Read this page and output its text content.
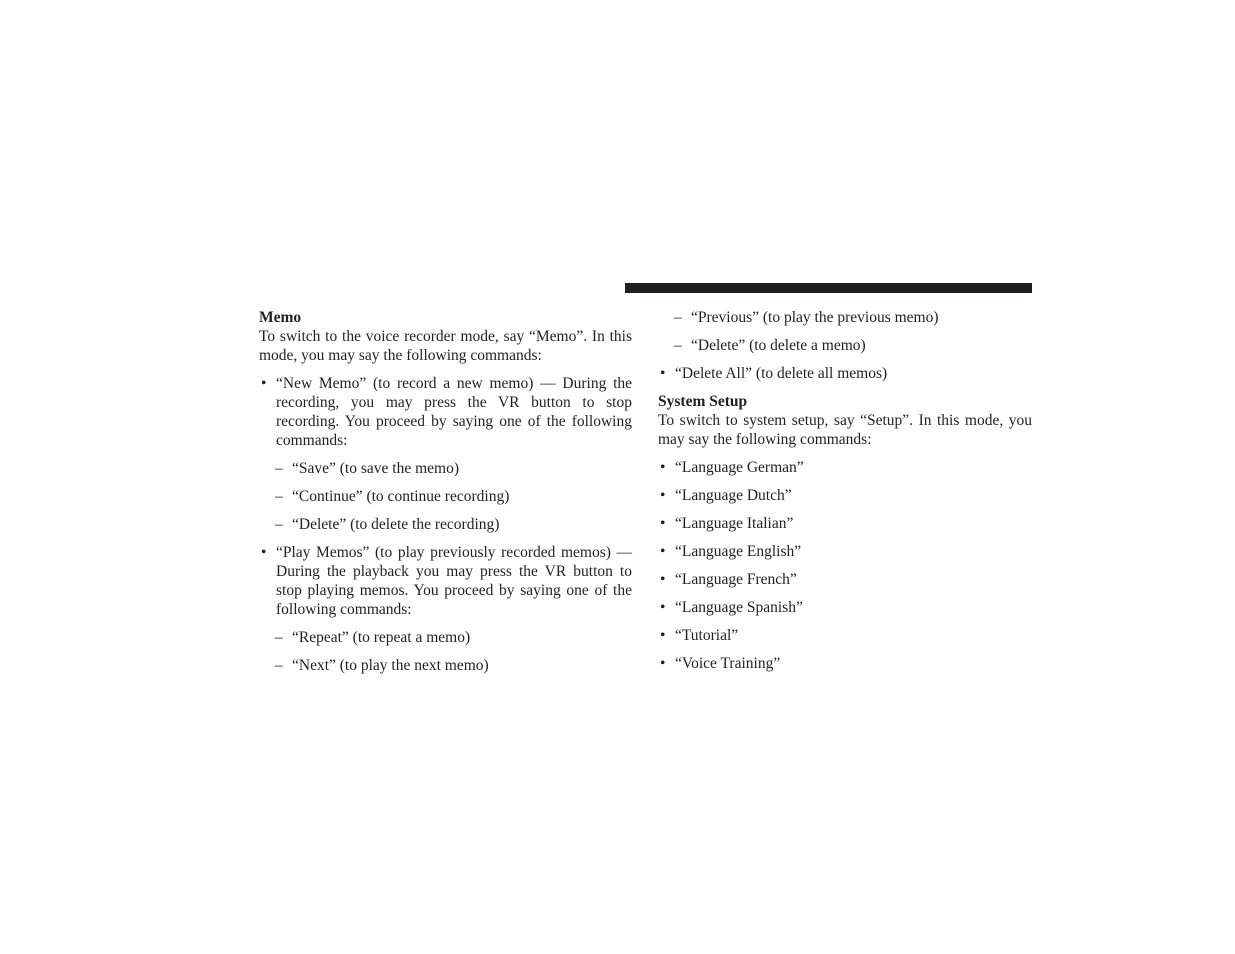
Memo

To switch to the voice recorder mode, say “Memo”. In this mode, you may say the following commands:

• “New Memo” (to record a new memo) — During the recording, you may press the VR button to stop recording. You proceed by saying one of the following commands:
– “Save” (to save the memo)
– “Continue” (to continue recording)
– “Delete” (to delete the recording)
• “Play Memos” (to play previously recorded memos) — During the playback you may press the VR button to stop playing memos. You proceed by saying one of the following commands:
– “Repeat” (to repeat a memo)
– “Next” (to play the next memo)
– “Previous” (to play the previous memo)
– “Delete” (to delete a memo)
• “Delete All” (to delete all memos)

System Setup

To switch to system setup, say “Setup”. In this mode, you may say the following commands:

• “Language German”
• “Language Dutch”
• “Language Italian”
• “Language English”
• “Language French”
• “Language Spanish”
• “Tutorial”
• “Voice Training”
